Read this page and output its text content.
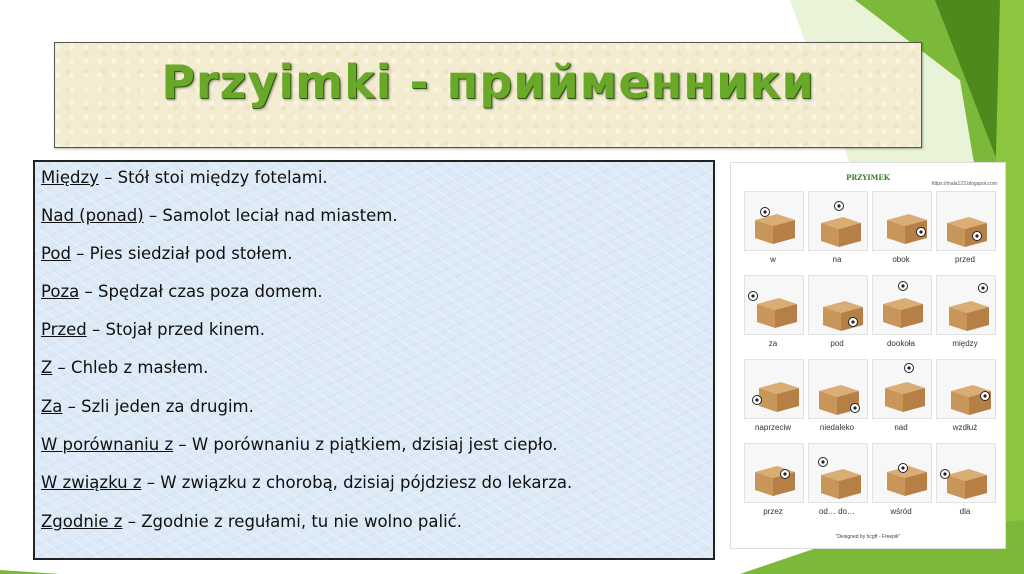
Przyimki - прийменники
Między – Stół stoi między fotelami.
Nad (ponad) – Samolot leciał nad miastem.
Pod – Pies siedział pod stołem.
Poza – Spędzał czas poza domem.
Przed – Stojał przed kinem.
Z – Chleb z masłem.
Za – Szli jeden za drugim.
W porównaniu z – W porównaniu z piątkiem, dzisiaj jest ciepło.
W związku z – W związku z chorobą, dzisiaj pójdziesz do lekarza.
Zgodnie z – Zgodnie z regułami, tu nie wolno palić.
PRZYIMEK
https://mala123.blogspot.com
w	na	obok	przed
za	pod	dookoła	między
naprzeciw	niedaleko	nad	wzdłuż
przez	od… do…	wśród	dla
"Designed by hcgft - Freepik"
